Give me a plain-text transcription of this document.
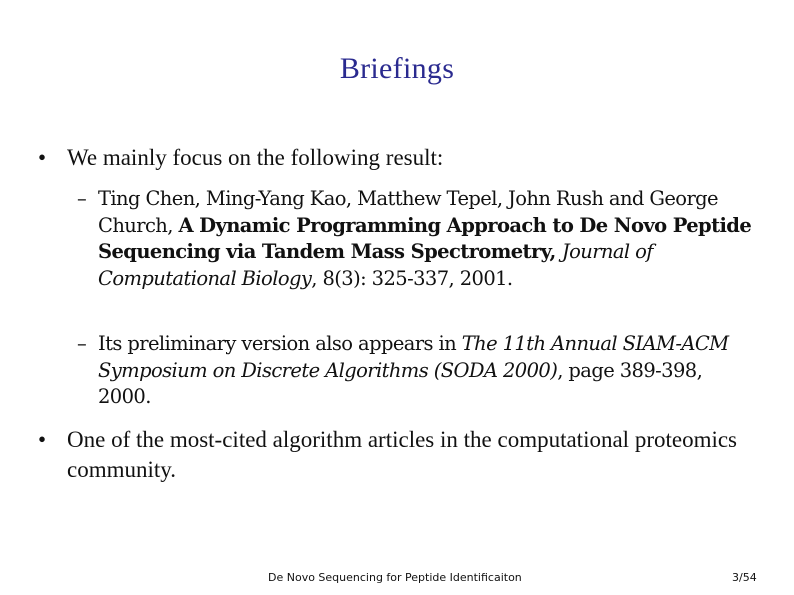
Briefings
• We mainly focus on the following result:
– Ting Chen, Ming-Yang Kao, Matthew Tepel, John Rush and George Church, A Dynamic Programming Approach to De Novo Peptide Sequencing via Tandem Mass Spectrometry, Journal of Computational Biology, 8(3): 325-337, 2001.
– Its preliminary version also appears in The 11th Annual SIAM-ACM Symposium on Discrete Algorithms (SODA 2000), page 389-398, 2000.
• One of the most-cited algorithm articles in the computational proteomics community.
De Novo Sequencing for Peptide Identificaiton	3/54
